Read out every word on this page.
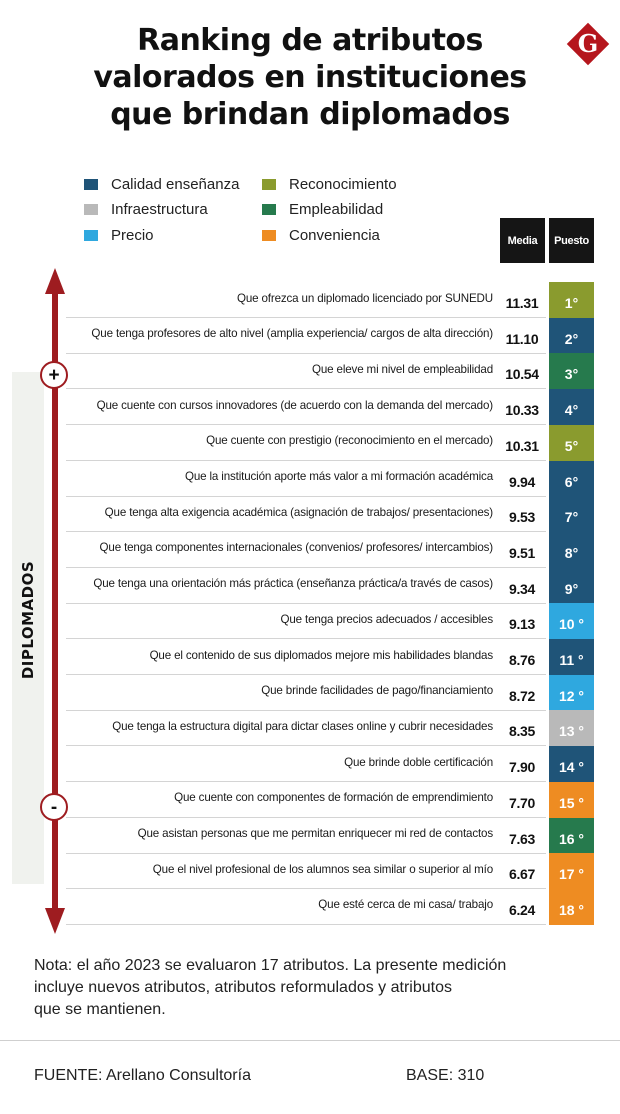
Ranking de atributos
valorados en instituciones
que brindan diplomados
G
Calidad enseñanza
Infraestructura
Precio
Reconocimiento
Empleabilidad
Conveniencia	Media	Puesto
DIPLOMADOS
+
-
Que ofrezca un diplomado licenciado por SUNEDU 11.31	1°
Que tenga profesores de alto nivel (amplia experiencia/ cargos de alta dirección) 11.10	2°
Que eleve mi nivel de empleabilidad 10.54	3°
Que cuente con cursos innovadores (de acuerdo con la demanda del mercado) 10.33	4°
Que cuente con prestigio (reconocimiento en el mercado) 10.31	5°
Que la institución aporte más valor a mi formación académica	9.94	6°
Que tenga alta exigencia académica (asignación de trabajos/ presentaciones)	9.53	7°
Que tenga componentes internacionales (convenios/ profesores/ intercambios)	9.51	8°
Que tenga una orientación más práctica (enseñanza práctica/a través de casos)	9.34	9°
Que tenga precios adecuados / accesibles	9.13	10 °
Que el contenido de sus diplomados mejore mis habilidades blandas	8.76	11 °
Que brinde facilidades de pago/financiamiento	8.72	12 °
Que tenga la estructura digital para dictar clases online y cubrir necesidades	8.35	13 °
Que brinde doble certificación	7.90	14 °
Que cuente con componentes de formación de emprendimiento	7.70	15 °
Que asistan personas que me permitan enriquecer mi red de contactos	7.63	16 °
Que el nivel profesional de los alumnos sea similar o superior al mío	6.67	17 °
Que esté cerca de mi casa/ trabajo	6.24	18 °
Nota: el año 2023 se evaluaron 17 atributos. La presente medición
incluye nuevos atributos, atributos reformulados y atributos
que se mantienen.
FUENTE: Arellano Consultoría	BASE: 310
